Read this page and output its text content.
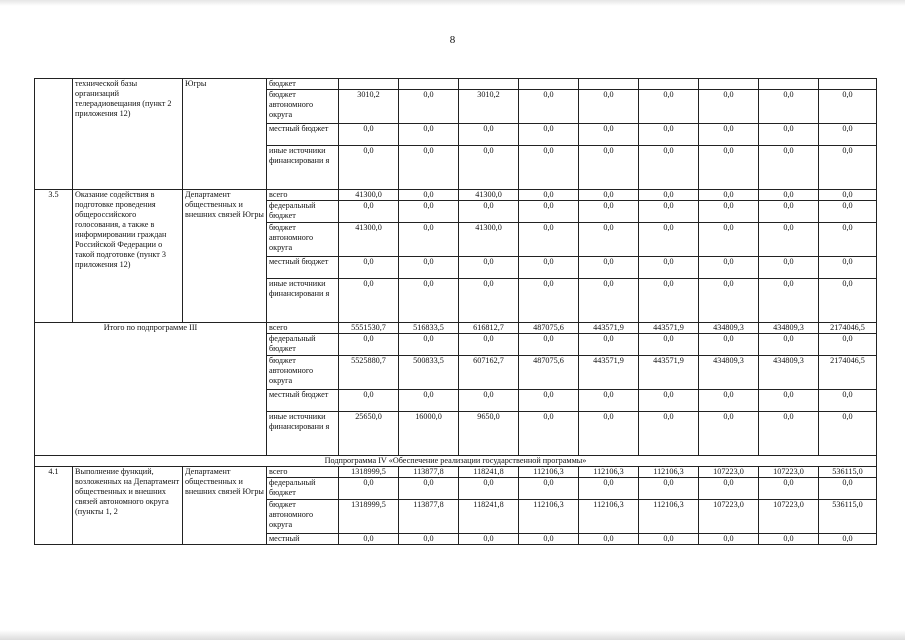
8
	технической базы организаций телерадиовещания (пункт 2 приложения 12)	Югры	бюджет									
			бюджет автономного округа	3010,2	0,0	3010,2	0,0	0,0	0,0	0,0	0,0	0,0
			местный бюджет	0,0	0,0	0,0	0,0	0,0	0,0	0,0	0,0	0,0
			иные источники финансировани я	0,0	0,0	0,0	0,0	0,0	0,0	0,0	0,0	0,0
3.5	Оказание содействия в подготовке проведения общероссийского голосования, а также в информировании граждан Российской Федерации о такой подготовке (пункт 3 приложения 12)	Департамент общественных и внешних связей Югры	всего	41300,0	0,0	41300,0	0,0	0,0	0,0	0,0	0,0	0,0
			федеральный бюджет	0,0	0,0	0,0	0,0	0,0	0,0	0,0	0,0	0,0
			бюджет автономного округа	41300,0	0,0	41300,0	0,0	0,0	0,0	0,0	0,0	0,0
			местный бюджет	0,0	0,0	0,0	0,0	0,0	0,0	0,0	0,0	0,0
			иные источники финансировани я	0,0	0,0	0,0	0,0	0,0	0,0	0,0	0,0	0,0
Итого по подпрограмме III			всего	5551530,7	516833,5	616812,7	487075,6	443571,9	443571,9	434809,3	434809,3	2174046,5
			федеральный бюджет	0,0	0,0	0,0	0,0	0,0	0,0	0,0	0,0	0,0
			бюджет автономного округа	5525880,7	500833,5	607162,7	487075,6	443571,9	443571,9	434809,3	434809,3	2174046,5
			местный бюджет	0,0	0,0	0,0	0,0	0,0	0,0	0,0	0,0	0,0
			иные источники финансировани я	25650,0	16000,0	9650,0	0,0	0,0	0,0	0,0	0,0	0,0
Подпрограмма IV «Обеспечение реализации государственной программы»												
4.1	Выполнение функций, возложенных на Департамент общественных и внешних связей автономного округа (пункты 1, 2	Департамент общественных и внешних связей Югры	всего	1318999,5	113877,8	118241,8	112106,3	112106,3	112106,3	107223,0	107223,0	536115,0
			федеральный бюджет	0,0	0,0	0,0	0,0	0,0	0,0	0,0	0,0	0,0
			бюджет автономного округа	1318999,5	113877,8	118241,8	112106,3	112106,3	112106,3	107223,0	107223,0	536115,0
			местный	0,0	0,0	0,0	0,0	0,0	0,0	0,0	0,0	0,0
